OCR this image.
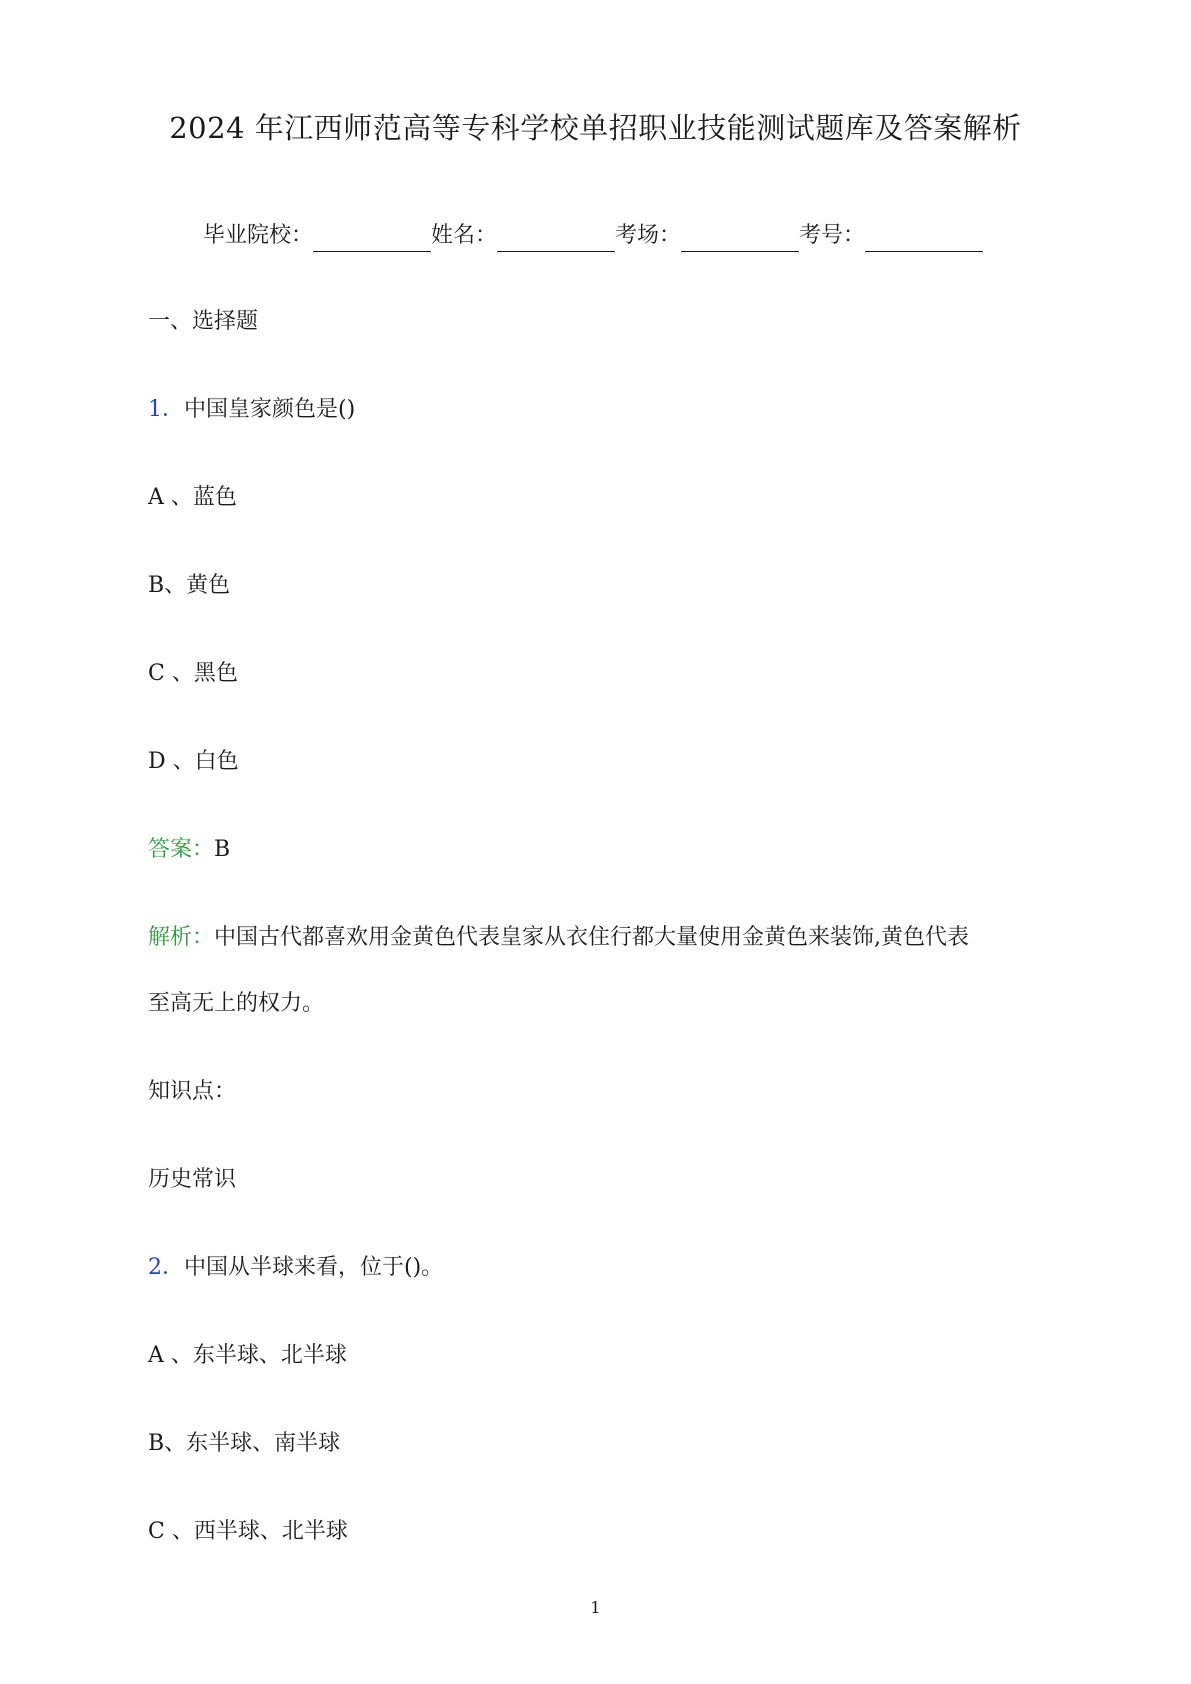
2024 年江西师范高等专科学校单招职业技能测试题库及答案解析
毕业院校：	姓名：	考场：	考号：
一、选择题
1．中国皇家颜色是()
A 、蓝色
B、黄色
C 、黑色
D 、白色
答案：B
解析：中国古代都喜欢用金黄色代表皇家从衣住行都大量使用金黄色来装饰,黄色代表
至高无上的权力。
知识点：
历史常识
2．中国从半球来看，位于()。
A 、东半球、北半球
B、东半球、南半球
C 、西半球、北半球
1
